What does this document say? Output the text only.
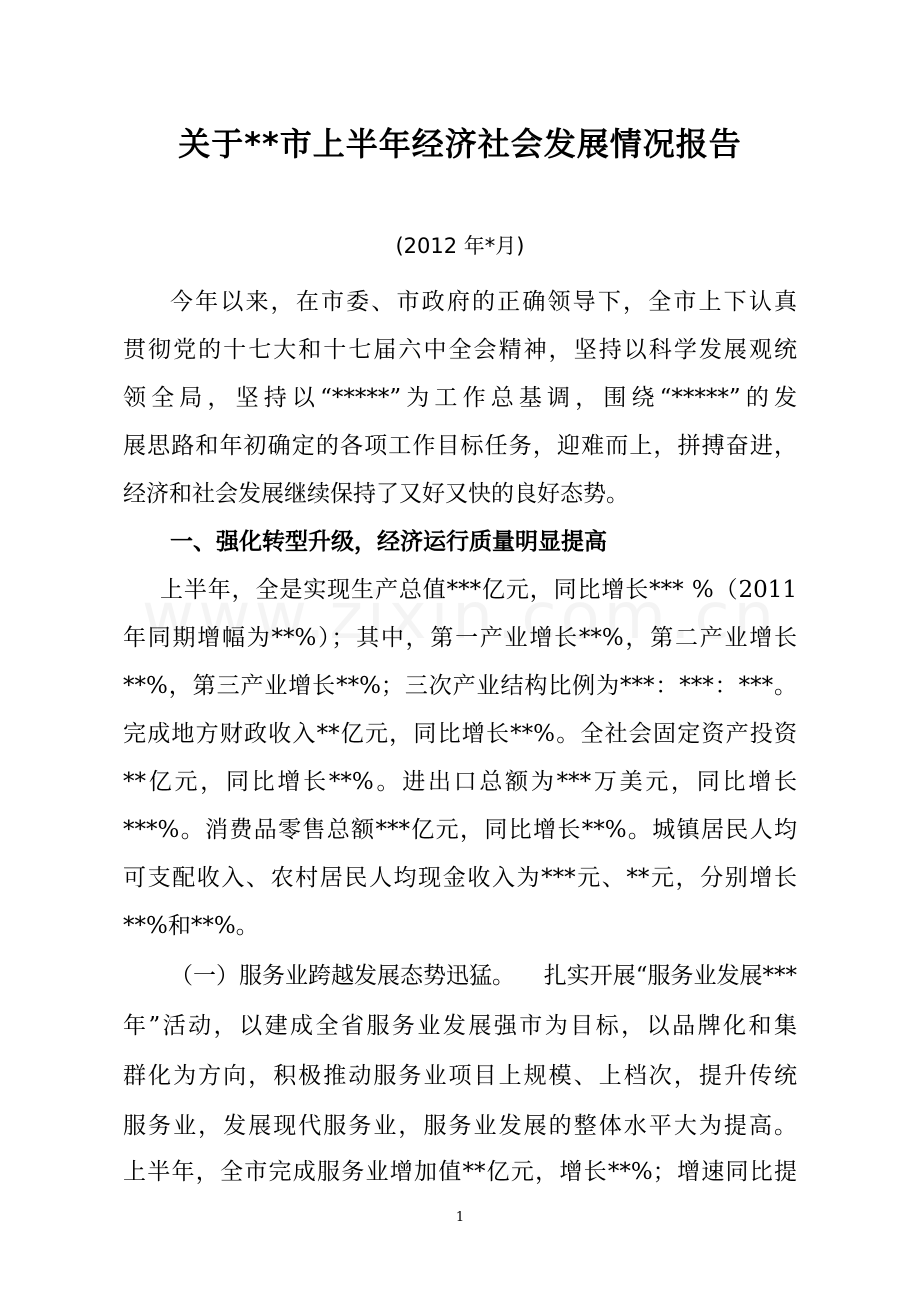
关于**市上半年经济社会发展情况报告
(2012 年*月)
今年以来，在市委、市政府的正确领导下，全市上下认真
贯彻党的十七大和十七届六中全会精神，坚持以科学发展观统
领全局，坚持以“*****”为工作总基调，围绕“*****”的发
展思路和年初确定的各项工作目标任务，迎难而上，拼搏奋进，
经济和社会发展继续保持了又好又快的良好态势。
一、强化转型升级，经济运行质量明显提高
上半年，全是实现生产总值***亿元，同比增长*** %（2011
年同期增幅为**%）；其中，第一产业增长**%，第二产业增长
**%，第三产业增长**%；三次产业结构比例为***：***：***。
完成地方财政收入**亿元，同比增长**%。全社会固定资产投资
**亿元，同比增长**%。进出口总额为***万美元，同比增长
***%。消费品零售总额***亿元，同比增长**%。城镇居民人均
可支配收入、农村居民人均现金收入为***元、**元，分别增长
**%和**%。
（一）服务业跨越发展态势迅猛。 扎实开展“服务业发展***
年”活动，以建成全省服务业发展强市为目标，以品牌化和集
群化为方向，积极推动服务业项目上规模、上档次，提升传统
服务业，发展现代服务业，服务业发展的整体水平大为提高。
上半年，全市完成服务业增加值**亿元，增长**%；增速同比提
1
